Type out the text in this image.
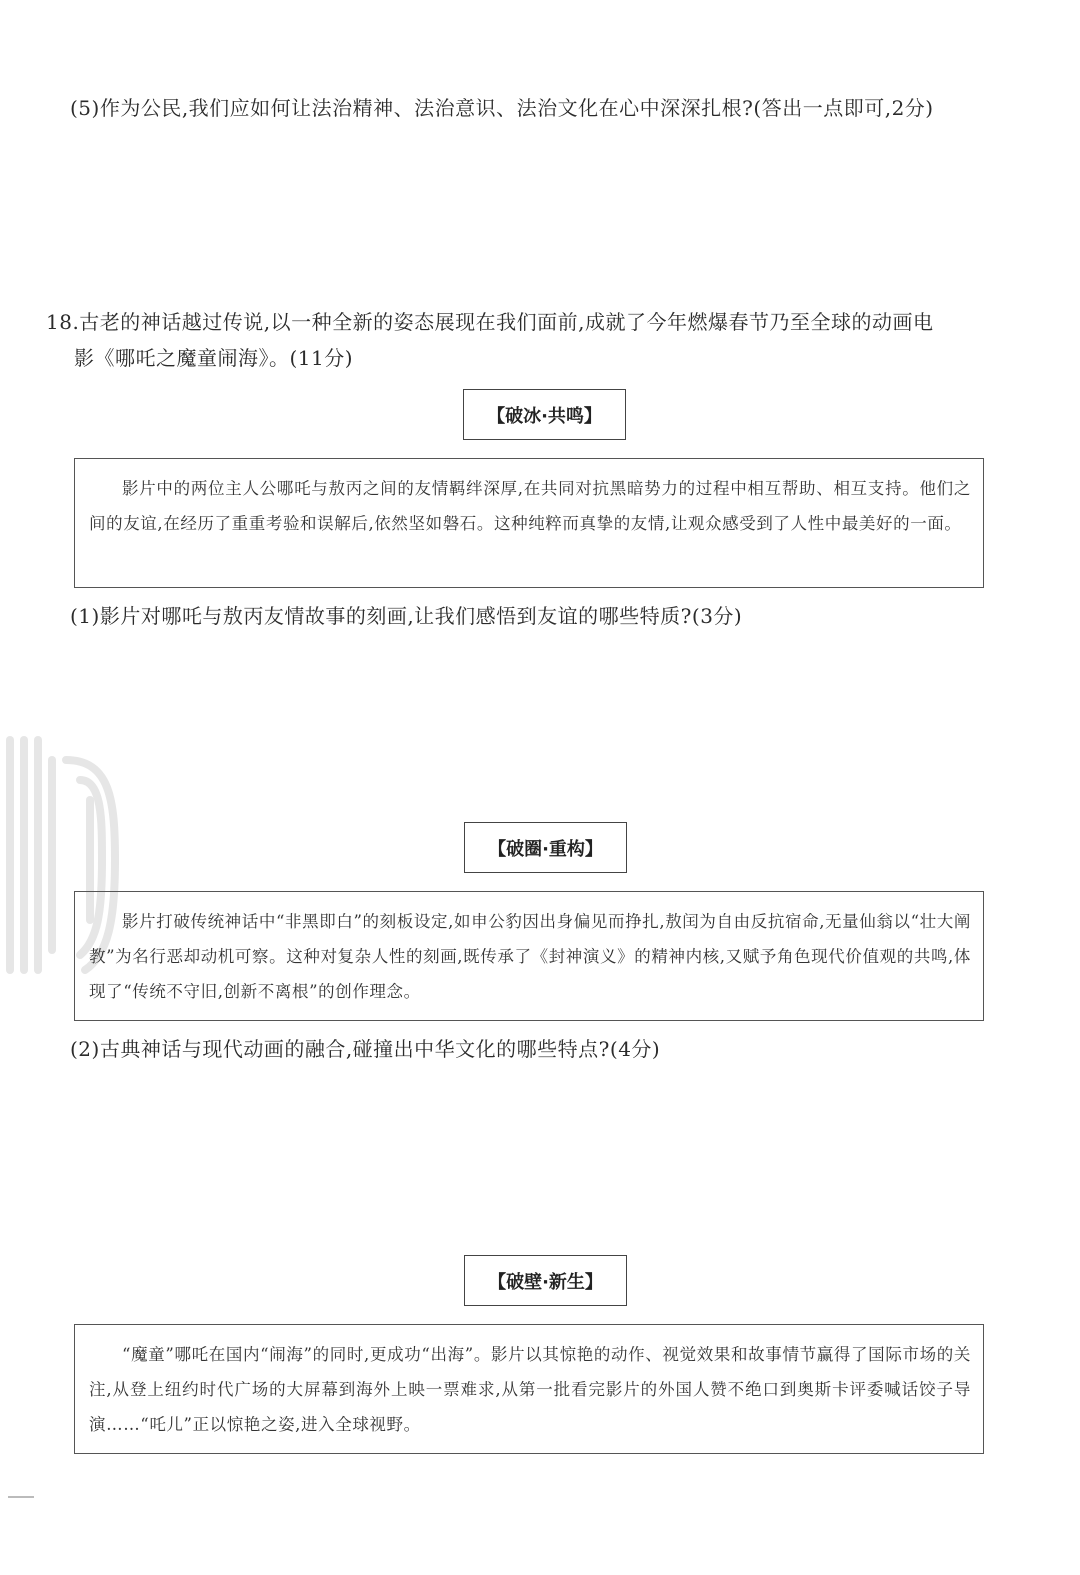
(5)作为公民,我们应如何让法治精神、法治意识、法治文化在心中深深扎根?(答出一点即可,2分)
18.古老的神话越过传说,以一种全新的姿态展现在我们面前,成就了今年燃爆春节乃至全球的动画电
影《哪吒之魔童闹海》。(11分)
【破冰·共鸣】
影片中的两位主人公哪吒与敖丙之间的友情羁绊深厚,在共同对抗黑暗势力的过程中相互帮助、相互支持。他们之间的友谊,在经历了重重考验和误解后,依然坚如磐石。这种纯粹而真挚的友情,让观众感受到了人性中最美好的一面。
(1)影片对哪吒与敖丙友情故事的刻画,让我们感悟到友谊的哪些特质?(3分)
【破圈·重构】
影片打破传统神话中“非黑即白”的刻板设定,如申公豹因出身偏见而挣扎,敖闰为自由反抗宿命,无量仙翁以“壮大阐教”为名行恶却动机可察。这种对复杂人性的刻画,既传承了《封神演义》的精神内核,又赋予角色现代价值观的共鸣,体现了“传统不守旧,创新不离根”的创作理念。
(2)古典神话与现代动画的融合,碰撞出中华文化的哪些特点?(4分)
【破壁·新生】
“魔童”哪吒在国内“闹海”的同时,更成功“出海”。影片以其惊艳的动作、视觉效果和故事情节赢得了国际市场的关注,从登上纽约时代广场的大屏幕到海外上映一票难求,从第一批看完影片的外国人赞不绝口到奥斯卡评委喊话饺子导演……“吒儿”正以惊艳之姿,进入全球视野。
